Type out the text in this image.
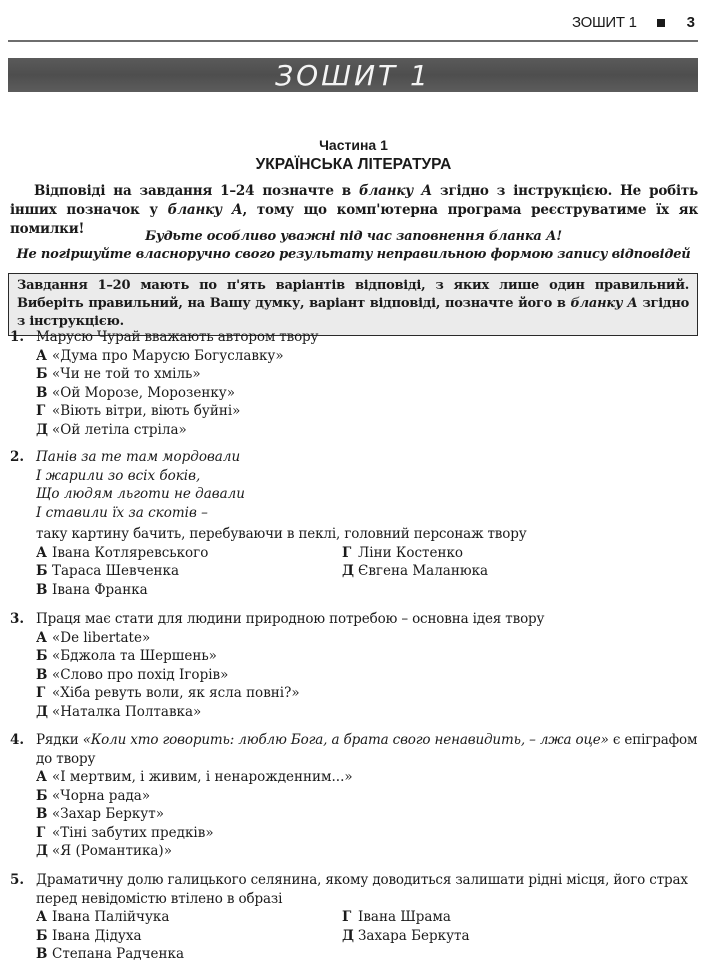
ЗОШИТ 1	3
ЗОШИТ 1
Частина 1
УКРАЇНСЬКА ЛІТЕРАТУРА
Відповіді на завдання 1–24 позначте в бланку А згідно з інструкцією. Не робіть інших позначок у бланку А, тому що комп'ютерна програма реєструватиме їх як помилки!	Будьте особливо уважні під час заповнення бланка А!
Не погіршуйте власноручно свого результату неправильною формою запису відповідей
Завдання 1–20 мають по п'ять варіантів відповіді, з яких лише один правильний. Виберіть правильний, на Вашу думку, варіант відповіді, позначте його в бланку А згідно з інструкцією.
1. Марусю Чурай вважають автором твору
А «Дума про Марусю Богуславку»
Б «Чи не той то хміль»
В «Ой Морозе, Морозенку»
Г «Віють вітри, віють буйні»
Д «Ой летіла стріла»
2. Панів за те там мордовали
І жарили зо всіх боків,
Що людям льготи не давали
І ставили їх за скотів –
таку картину бачить, перебуваючи в пеклі, головний персонаж твору
А Івана Котляревського	Г Ліни Костенко
Б Тараса Шевченка	Д Євгена Маланюка
В Івана Франка
3. Праця має стати для людини природною потребою – основна ідея твору
А «De libertate»
Б «Бджола та Шершень»
В «Слово про похід Ігорів»
Г «Хіба ревуть воли, як ясла повні?»
Д «Наталка Полтавка»
4. Рядки «Коли хто говорить: люблю Бога, а брата свого ненавидить, – лжа оце» є епіграфом до твору
А «І мертвим, і живим, і ненарожденним...»
Б «Чорна рада»
В «Захар Беркут»
Г «Тіні забутих предків»
Д «Я (Романтика)»
5. Драматичну долю галицького селянина, якому доводиться залишати рідні місця, його страх перед невідомістю втілено в образі
А Івана Палійчука	Г Івана Шрама
Б Івана Дідуха	Д Захара Беркута
В Степана Радченка
